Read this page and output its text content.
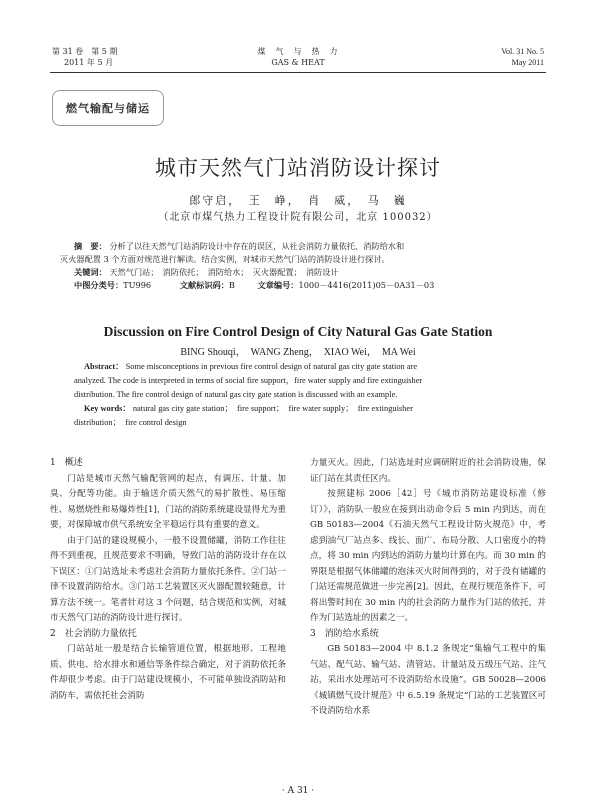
第 31 卷　第 5 期
2011 年 5 月
煤　气　与　热　力
GAS & HEAT
Vol. 31 No. 5
May 2011
燃气输配与储运
城市天然气门站消防设计探讨
郎守启，　王　峥，　肖　威，　马　巍
（北京市煤气热力工程设计院有限公司，北京 100032）
摘　要： 分析了以往天然气门站消防设计中存在的误区，从社会消防力量依托、消防给水和
灭火器配置 3 个方面对规范进行解读。结合实例，对城市天然气门站的消防设计进行探讨。
关键词： 天然气门站；　消防依托；　消防给水；　灭火器配置；　消防设计
中图分类号：TU996	文献标识码：B	文章编号：1000－4416(2011)05－0A31－03
Discussion on Fire Control Design of City Natural Gas Gate Station
BING Shouqi，　WANG Zheng，　XIAO Wei，　MA Wei
Abstract： Some misconceptions in previous fire control design of natural gas city gate station are
analyzed. The code is interpreted in terms of social fire support，fire water supply and fire extinguisher
distribution. The fire control design of natural gas city gate station is discussed with an example.
Key words： natural gas city gate station；　fire support；　fire water supply；　fire extinguisher
distribution；　fire control design

1　概述

门站是城市天然气输配管网的起点，有调压、计量、加臭、分配等功能。由于输送介质天然气的易扩散性、易压缩性、易燃烧性和易爆炸性[1]，门站的消防系统建设显得尤为重要，对保障城市供气系统安全平稳运行具有重要的意义。

由于门站的建设规模小，一般不设置储罐，消防工作往往得不到重视，且规范要求不明确，导致门站的消防设计存在以下误区：①门站选址未考虑社会消防力量依托条件。②门站一律不设置消防给水。③门站工艺装置区灭火器配置较随意，计算方法不统一。笔者针对这 3 个问题，结合规范和实例，对城市天然气门站的消防设计进行探讨。

2　社会消防力量依托

门站站址一般是结合长输管道位置，根据地形、工程地质、供电、给水排水和通信等条件综合确定，对于消防依托条件却很少考虑。由于门站建设规模小，不可能单独设消防站和消防车，需依托社会消防

力量灭火。因此，门站选址时应调研附近的社会消防设施，保证门站在其责任区内。

按照建标 2006［42］号《城市消防站建设标准（修订）》，消防队一般应在接到出动命令后 5 min 内到达，而在 GB 50183—2004《石油天然气工程设计防火规范》中，考虑到油气厂站点多、线长、面广、布局分散、人口密度小的特点，将 30 min 内到达的消防力量均计算在内。而 30 min 的界限是根据气体储罐的泡沫灭火时间得到的，对于没有储罐的门站还需规范做进一步完善[2]。因此，在现行规范条件下，可将出警时间在 30 min 内的社会消防力量作为门站的依托，并作为门站选址的因素之一。

3　消防给水系统

GB 50183—2004 中 8.1.2 条规定“集输气工程中的集气站、配气站、输气站、清管站、计量站及五级压气站、注气站，采出水处理站可不设消防给水设施”。GB 50028—2006《城镇燃气设计规范》中 6.5.19 条规定“门站的工艺装置区可不设消防给水系

· A 31 ·
